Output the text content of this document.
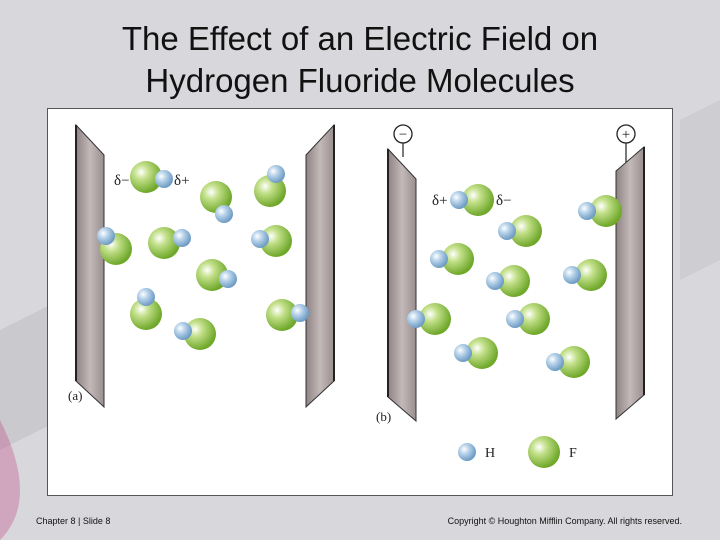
The Effect of an Electric Field on
Hydrogen Fluoride Molecules
δ−	δ+
(a)
−	+
δ+	δ−
(b)
H	F
Chapter 8 | Slide 8	Copyright © Houghton Mifflin Company. All rights reserved.
